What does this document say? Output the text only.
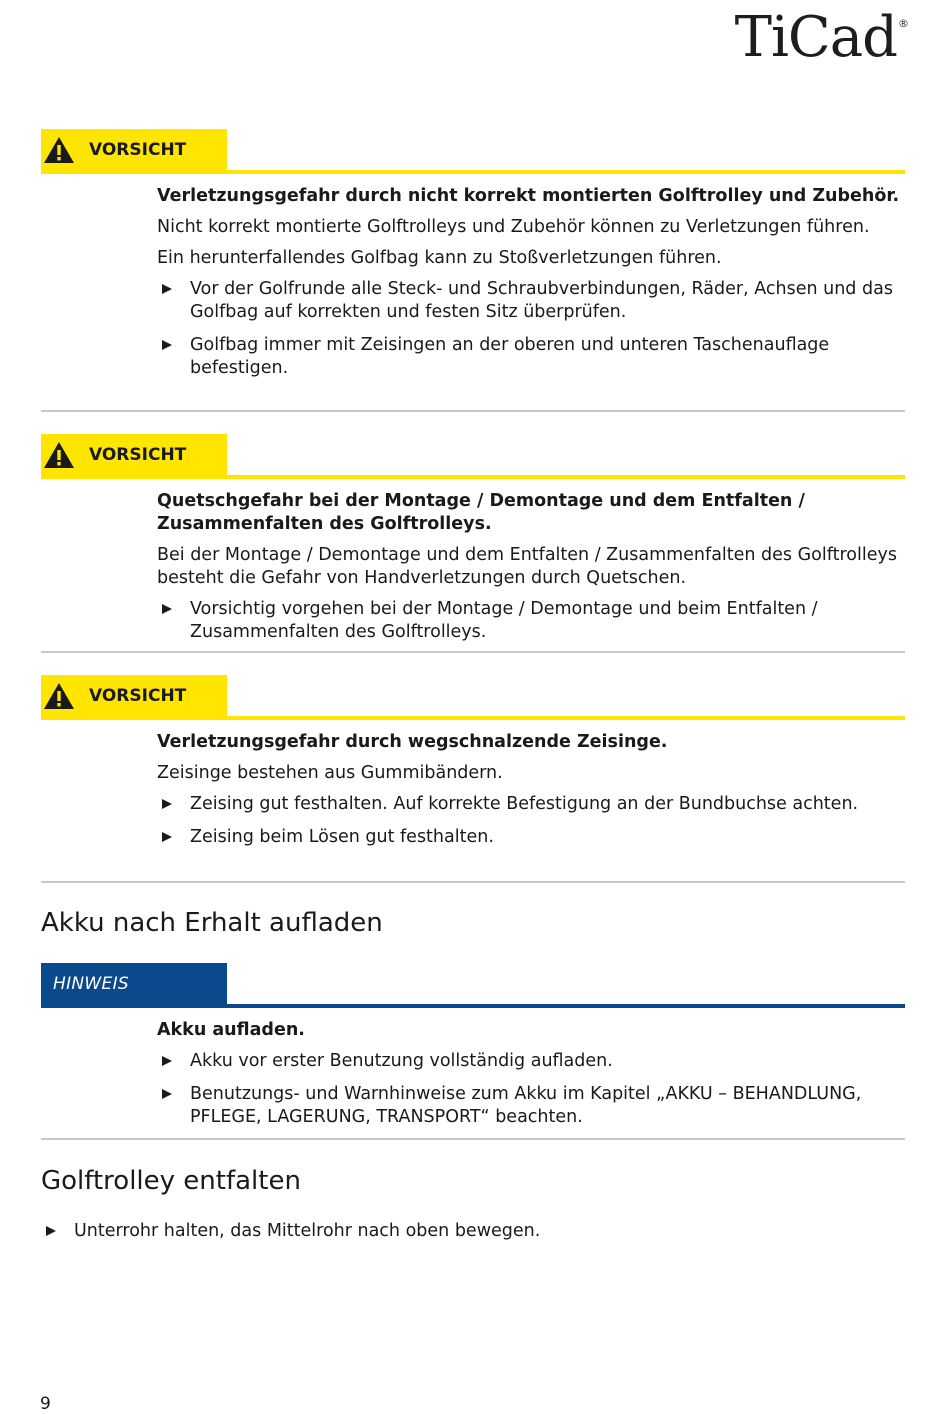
TiCad®
VORSICHT
Verletzungsgefahr durch nicht korrekt montierten Golftrolley und Zubehör.

Nicht korrekt montierte Golftrolleys und Zubehör können zu Verletzungen führen.

Ein herunterfallendes Golfbag kann zu Stoßverletzungen führen.

Vor der Golfrunde alle Steck- und Schraubverbindungen, Räder, Achsen und das Golfbag auf korrekten und festen Sitz überprüfen.
Golfbag immer mit Zeisingen an der oberen und unteren Taschenauflage befestigen.
VORSICHT
Quetschgefahr bei der Montage / Demontage und dem Entfalten / Zusammenfalten des Golftrolleys.

Bei der Montage / Demontage und dem Entfalten / Zusammenfalten des Golftrolleys besteht die Gefahr von Handverletzungen durch Quetschen.

Vorsichtig vorgehen bei der Montage / Demontage und beim Entfalten / Zusammenfalten des Golftrolleys.
VORSICHT
Verletzungsgefahr durch wegschnalzende Zeisinge.

Zeisinge bestehen aus Gummibändern.

Zeising gut festhalten. Auf korrekte Befestigung an der Bundbuchse achten.
Zeising beim Lösen gut festhalten.
Akku nach Erhalt aufladen
HINWEIS
Akku aufladen.
Akku vor erster Benutzung vollständig aufladen.
Benutzungs- und Warnhinweise zum Akku im Kapitel „AKKU – BEHANDLUNG, PFLEGE, LAGERUNG, TRANSPORT“ beachten.
Golftrolley entfalten
Unterrohr halten, das Mittelrohr nach oben bewegen.
9
